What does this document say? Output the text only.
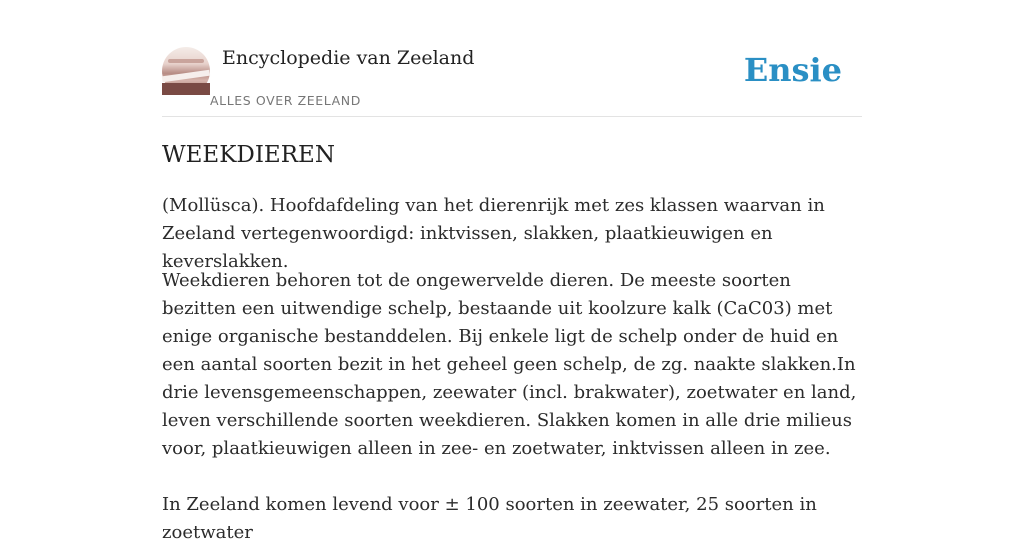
Encyclopedie van Zeeland
ALLES OVER ZEELAND
Ensie
WEEKDIEREN

(Mollüsca). Hoofdafdeling van het dierenrijk met zes klassen waarvan in Zeeland vertegenwoordigd: inktvissen, slakken, plaatkieuwigen en keverslakken.

Weekdieren behoren tot de ongewervelde dieren. De meeste soorten bezitten een uitwendige schelp, bestaande uit koolzure kalk (CaC03) met enige organische bestanddelen. Bij enkele ligt de schelp onder de huid en een aantal soorten bezit in het geheel geen schelp, de zg. naakte slakken.In drie levensgemeenschappen, zeewater (incl. brakwater), zoetwater en land, leven verschillende soorten weekdieren. Slakken komen in alle drie milieus voor, plaatkieuwigen alleen in zee- en zoetwater, inktvissen alleen in zee.

In Zeeland komen levend voor ± 100 soorten in zeewater, 25 soorten in zoetwater
